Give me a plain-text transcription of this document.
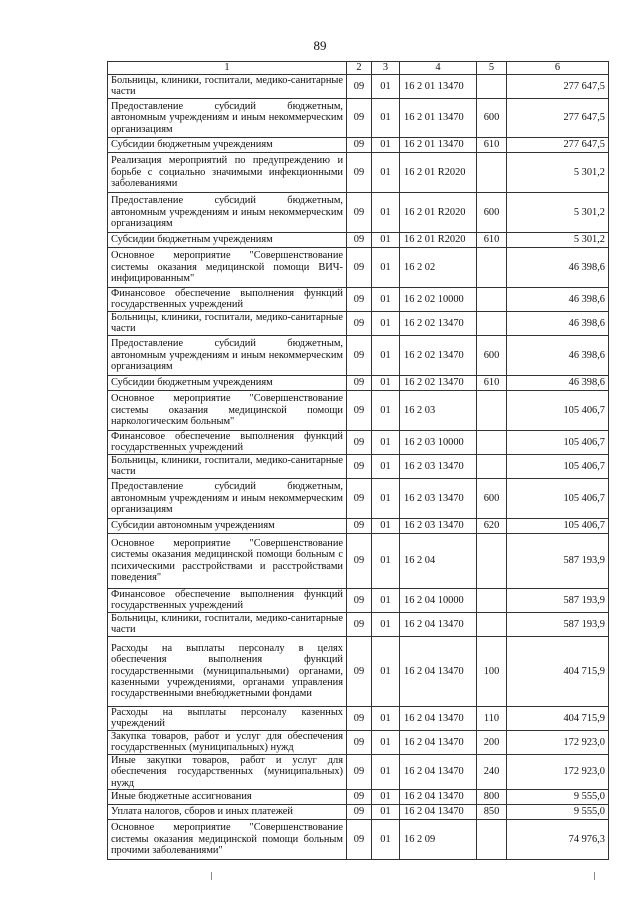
89
1	2	3	4	5	6
Больницы, клиники, госпитали, медико-санитарные части	09	01	16 2 01 13470		277 647,5
Предоставление субсидий бюджетным, автономным учреждениям и иным некоммерческим организациям	09	01	16 2 01 13470	600	277 647,5
Субсидии бюджетным учреждениям	09	01	16 2 01 13470	610	277 647,5
Реализация мероприятий по предупреждению и борьбе с социально значимыми инфекционными заболеваниями	09	01	16 2 01 R2020		5 301,2
Предоставление субсидий бюджетным, автономным учреждениям и иным некоммерческим организациям	09	01	16 2 01 R2020	600	5 301,2
Субсидии бюджетным учреждениям	09	01	16 2 01 R2020	610	5 301,2
Основное мероприятие "Совершенствование системы оказания медицинской помощи ВИЧ-инфицированным"	09	01	16 2 02		46 398,6
Финансовое обеспечение выполнения функций государственных учреждений	09	01	16 2 02 10000		46 398,6
Больницы, клиники, госпитали, медико-санитарные части	09	01	16 2 02 13470		46 398,6
Предоставление субсидий бюджетным, автономным учреждениям и иным некоммерческим организациям	09	01	16 2 02 13470	600	46 398,6
Субсидии бюджетным учреждениям	09	01	16 2 02 13470	610	46 398,6
Основное мероприятие "Совершенствование системы оказания медицинской помощи наркологическим больным"	09	01	16 2 03		105 406,7
Финансовое обеспечение выполнения функций государственных учреждений	09	01	16 2 03 10000		105 406,7
Больницы, клиники, госпитали, медико-санитарные части	09	01	16 2 03 13470		105 406,7
Предоставление субсидий бюджетным, автономным учреждениям и иным некоммерческим организациям	09	01	16 2 03 13470	600	105 406,7
Субсидии автономным учреждениям	09	01	16 2 03 13470	620	105 406,7
Основное мероприятие "Совершенствование системы оказания медицинской помощи больным с психическими расстройствами и расстройствами поведения"	09	01	16 2 04		587 193,9
Финансовое обеспечение выполнения функций государственных учреждений	09	01	16 2 04 10000		587 193,9
Больницы, клиники, госпитали, медико-санитарные части	09	01	16 2 04 13470		587 193,9
Расходы на выплаты персоналу в целях обеспечения выполнения функций государственными (муниципальными) органами, казенными учреждениями, органами управления государственными внебюджетными фондами	09	01	16 2 04 13470	100	404 715,9
Расходы на выплаты персоналу казенных учреждений	09	01	16 2 04 13470	110	404 715,9
Закупка товаров, работ и услуг для обеспечения государственных (муниципальных) нужд	09	01	16 2 04 13470	200	172 923,0
Иные закупки товаров, работ и услуг для обеспечения государственных (муниципальных) нужд	09	01	16 2 04 13470	240	172 923,0
Иные бюджетные ассигнования	09	01	16 2 04 13470	800	9 555,0
Уплата налогов, сборов и иных платежей	09	01	16 2 04 13470	850	9 555,0
Основное мероприятие "Совершенствование системы оказания медицинской помощи больным прочими заболеваниями"	09	01	16 2 09		74 976,3
